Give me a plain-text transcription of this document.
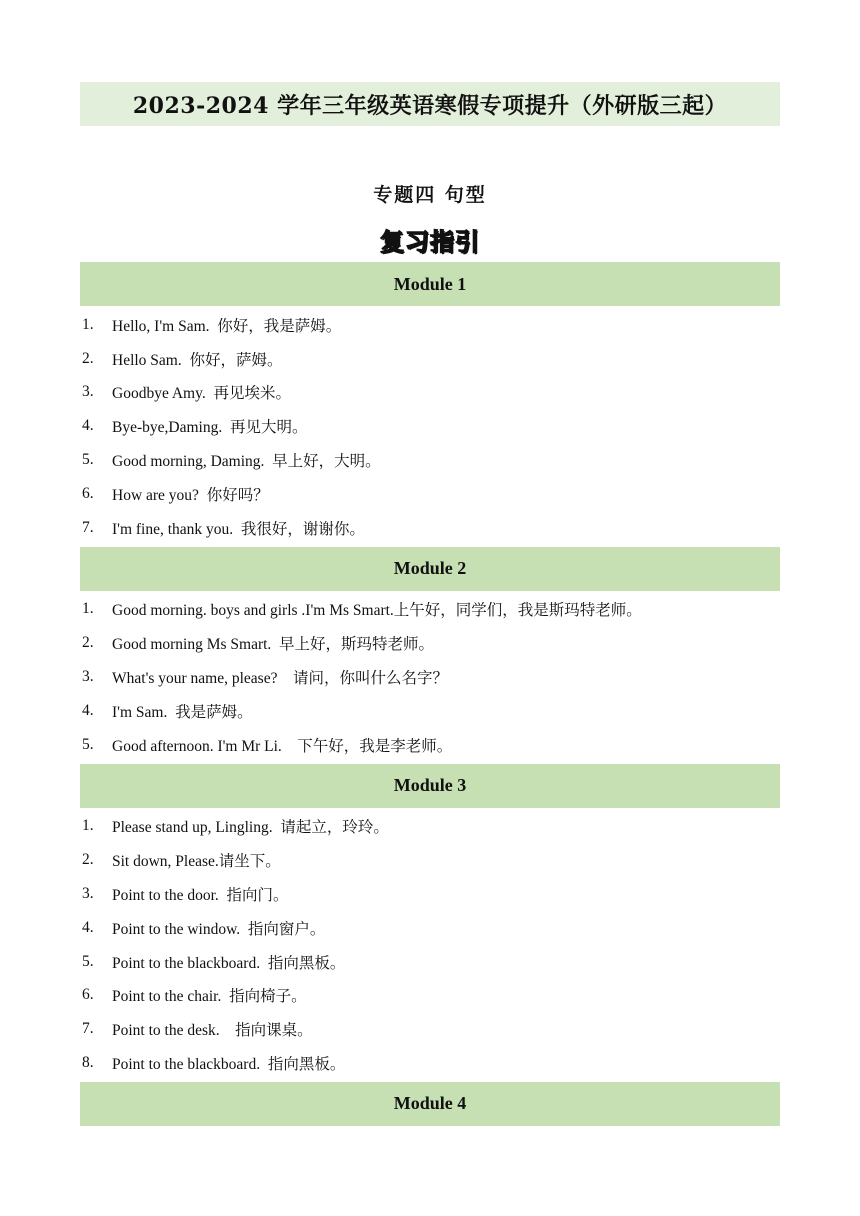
2023-2024 学年三年级英语寒假专项提升（外研版三起）
专题四 句型
复习指引
Module 1
1.	Hello, I'm Sam.  你好，我是萨姆。
2.	Hello Sam.  你好，萨姆。
3.	Goodbye Amy.  再见埃米。
4.	Bye-bye,Daming.  再见大明。
5.	Good morning, Daming.  早上好，大明。
6.	How are you?  你好吗？
7.	I'm fine, thank you.  我很好，谢谢你。
Module 2
1.	Good morning. boys and girls .I'm Ms Smart.上午好，同学们，我是斯玛特老师。
2.	Good morning Ms Smart.  早上好，斯玛特老师。
3.	What's your name, please?    请问，你叫什么名字？
4.	I'm Sam.  我是萨姆。
5.	Good afternoon. I'm Mr Li.    下午好，我是李老师。
Module 3
1.	Please stand up, Lingling.  请起立，玲玲。
2.	Sit down, Please.请坐下。
3.	Point to the door.  指向门。
4.	Point to the window.  指向窗户。
5.	Point to the blackboard.  指向黑板。
6.	Point to the chair.  指向椅子。
7.	Point to the desk.    指向课桌。
8.	Point to the blackboard.  指向黑板。
Module 4
